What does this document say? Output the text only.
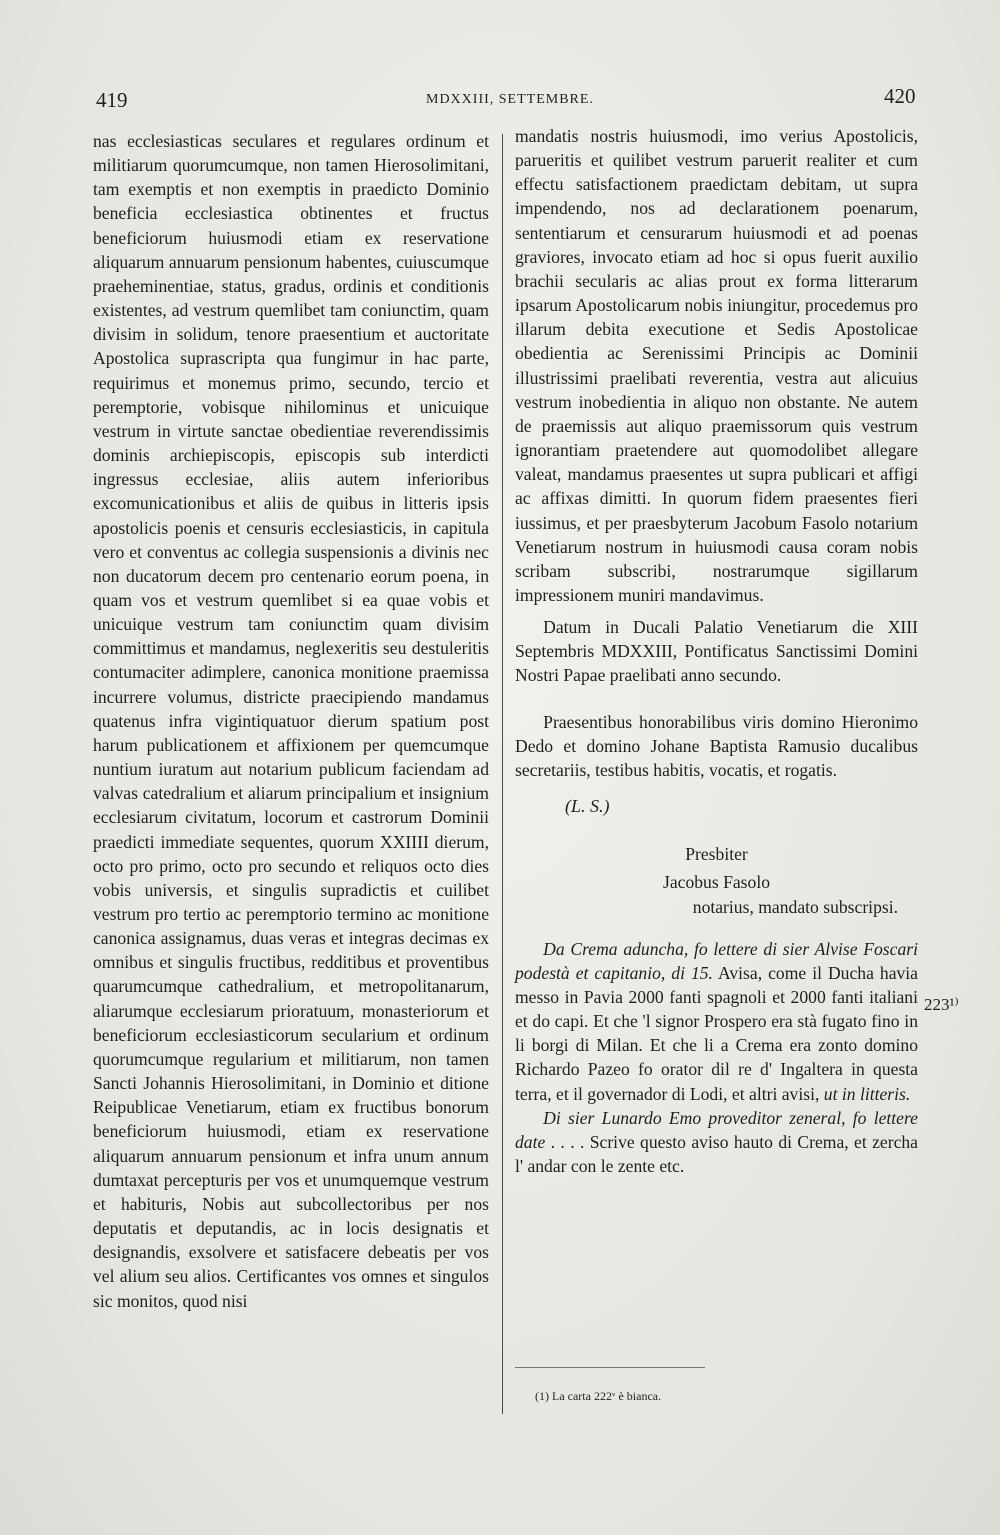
419	MDXXIII, SETTEMBRE.	420

nas ecclesiasticas seculares et regulares ordinum et militiarum quorumcumque, non tamen Hierosolimitani, tam exemptis et non exemptis in praedicto Dominio beneficia ecclesiastica obtinentes et fructus beneficiorum huiusmodi etiam ex reservatione aliquarum annuarum pensionum habentes, cuiuscumque praeheminentiae, status, gradus, ordinis et conditionis existentes, ad vestrum quemlibet tam coniunctim, quam divisim in solidum, tenore praesentium et auctoritate Apostolica suprascripta qua fungimur in hac parte, requirimus et monemus primo, secundo, tercio et peremptorie, vobisque nihilominus et unicuique vestrum in virtute sanctae obedientiae reverendissimis dominis archiepiscopis, episcopis sub interdicti ingressus ecclesiae, aliis autem inferioribus excomunicationibus et aliis de quibus in litteris ipsis apostolicis poenis et censuris ecclesiasticis, in capitula vero et conventus ac collegia suspensionis a divinis nec non ducatorum decem pro centenario eorum poena, in quam vos et vestrum quemlibet si ea quae vobis et unicuique vestrum tam coniunctim quam divisim committimus et mandamus, neglexeritis seu destuleritis contumaciter adimplere, canonica monitione praemissa incurrere volumus, districte praecipiendo mandamus quatenus infra vigintiquatuor dierum spatium post harum publicationem et affixionem per quemcumque nuntium iuratum aut notarium publicum faciendam ad valvas catedralium et aliarum principalium et insignium ecclesiarum civitatum, locorum et castrorum Dominii praedicti immediate sequentes, quorum XXIIII dierum, octo pro primo, octo pro secundo et reliquos octo dies vobis universis, et singulis supradictis et cuilibet vestrum pro tertio ac peremptorio termino ac monitione canonica assignamus, duas veras et integras decimas ex omnibus et singulis fructibus, redditibus et proventibus quarumcumque cathedralium, et metropolitanarum, aliarumque ecclesiarum prioratuum, monasteriorum et beneficiorum ecclesiasticorum secularium et ordinum quorumcumque regularium et militiarum, non tamen Sancti Johannis Hierosolimitani, in Dominio et ditione Reipublicae Venetiarum, etiam ex fructibus bonorum beneficiorum huiusmodi, etiam ex reservatione aliquarum annuarum pensionum et infra unum annum dumtaxat percepturis per vos et unumquemque vestrum et habituris, Nobis aut subcollectoribus per nos deputatis et deputandis, ac in locis designatis et designandis, exsolvere et satisfacere debeatis per vos vel alium seu alios. Certificantes vos omnes et singulos sic monitos, quod nisi

mandatis nostris huiusmodi, imo verius Apostolicis, parueritis et quilibet vestrum paruerit realiter et cum effectu satisfactionem praedictam debitam, ut supra impendendo, nos ad declarationem poenarum, sententiarum et censurarum huiusmodi et ad poenas graviores, invocato etiam ad hoc si opus fuerit auxilio brachii secularis ac alias prout ex forma litterarum ipsarum Apostolicarum nobis iniungitur, procedemus pro illarum debita executione et Sedis Apostolicae obedientia ac Serenissimi Principis ac Dominii illustrissimi praelibati reverentia, vestra aut alicuius vestrum inobedientia in aliquo non obstante. Ne autem de praemissis aut aliquo praemissorum quis vestrum ignorantiam praetendere aut quomodolibet allegare valeat, mandamus praesentes ut supra publicari et affigi ac affixas dimitti. In quorum fidem praesentes fieri iussimus, et per praesbyterum Jacobum Fasolo notarium Venetiarum nostrum in huiusmodi causa coram nobis scribam subscribi, nostrarumque sigillarum impressionem muniri mandavimus.

Datum in Ducali Palatio Venetiarum die XIII Septembris MDXXIII, Pontificatus Sanctissimi Domini Nostri Papae praelibati anno secundo.

Praesentibus honorabilibus viris domino Hieronimo Dedo et domino Johane Baptista Ramusio ducalibus secretariis, testibus habitis, vocatis, et rogatis.

(L. S.)
Presbiter
Jacobus Fasolo
notarius, mandato subscripsi.

Da Crema aduncha, fo lettere di sier Alvise Foscari podestà et capitanio, di 15. Avisa, come il Ducha havia messo in Pavia 2000 fanti spagnoli et 2000 fanti italiani et do capi. Et che 'l signor Prospero era stà fugato fino in li borgi di Milan. Et che li a Crema era zonto domino Richardo Pazeo fo orator dil re d' Ingaltera in questa terra, et il governador di Lodi, et altri avisi, ut in litteris.

Di sier Lunardo Emo proveditor zeneral, fo lettere date . . . . Scrive questo aviso hauto di Crema, et zercha l' andar con le zente etc.

223¹⁾
(1) La carta 222ᵛ è bianca.
